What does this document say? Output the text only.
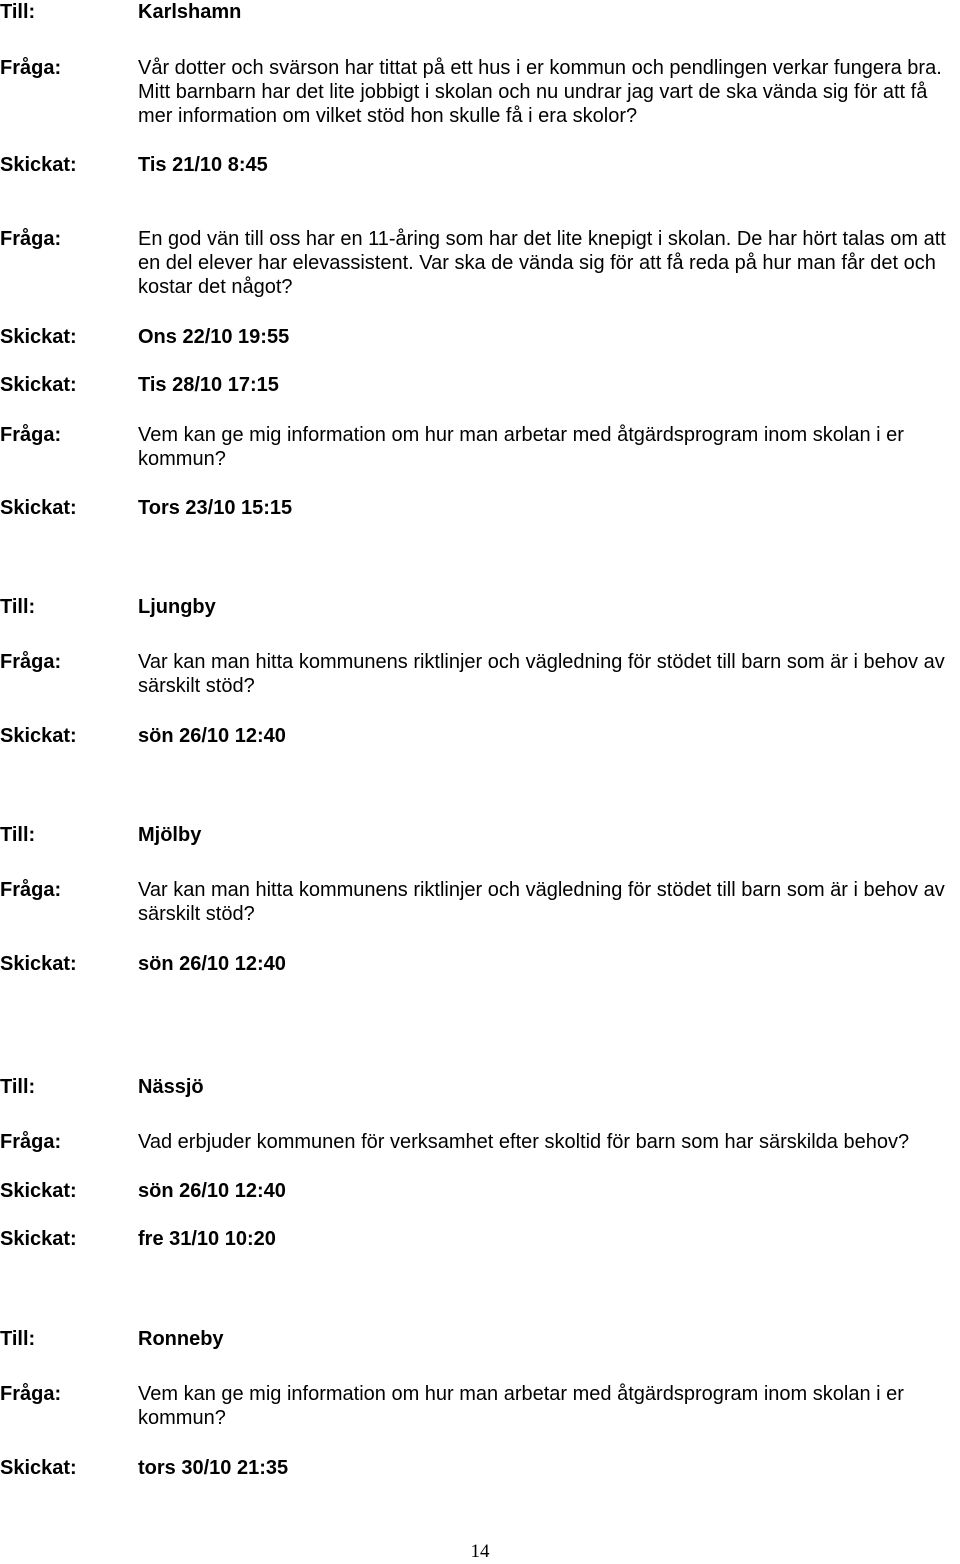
Till:	Karlshamn
Fråga:	Vår dotter och svärson har tittat på ett hus i er kommun och pendlingen verkar fungera bra. Mitt barnbarn har det lite jobbigt i skolan och nu undrar jag vart de ska vända sig för att få mer information om vilket stöd hon skulle få i era skolor?
Skickat:	Tis 21/10 8:45
Fråga:	En god vän till oss har en 11-åring som har det lite knepigt i skolan. De har hört talas om att en del elever har elevassistent. Var ska de vända sig för att få reda på hur man får det och kostar det något?
Skickat:	Ons 22/10 19:55
Skickat:	Tis 28/10 17:15
Fråga:	Vem kan ge mig information om hur man arbetar med åtgärdsprogram inom skolan i er kommun?
Skickat:	Tors 23/10 15:15
Till:	Ljungby
Fråga:	Var kan man hitta kommunens riktlinjer och vägledning för stödet till barn som är i behov av särskilt stöd?
Skickat:	sön 26/10 12:40
Till:	Mjölby
Fråga:	Var kan man hitta kommunens riktlinjer och vägledning för stödet till barn som är i behov av särskilt stöd?
Skickat:	sön 26/10 12:40
Till:	Nässjö
Fråga:	Vad erbjuder kommunen för verksamhet efter skoltid för barn som har särskilda behov?
Skickat:	sön 26/10 12:40
Skickat:	fre 31/10 10:20
Till:	Ronneby
Fråga:	Vem kan ge mig information om hur man arbetar med åtgärdsprogram inom skolan i er kommun?
Skickat:	tors 30/10 21:35
14
